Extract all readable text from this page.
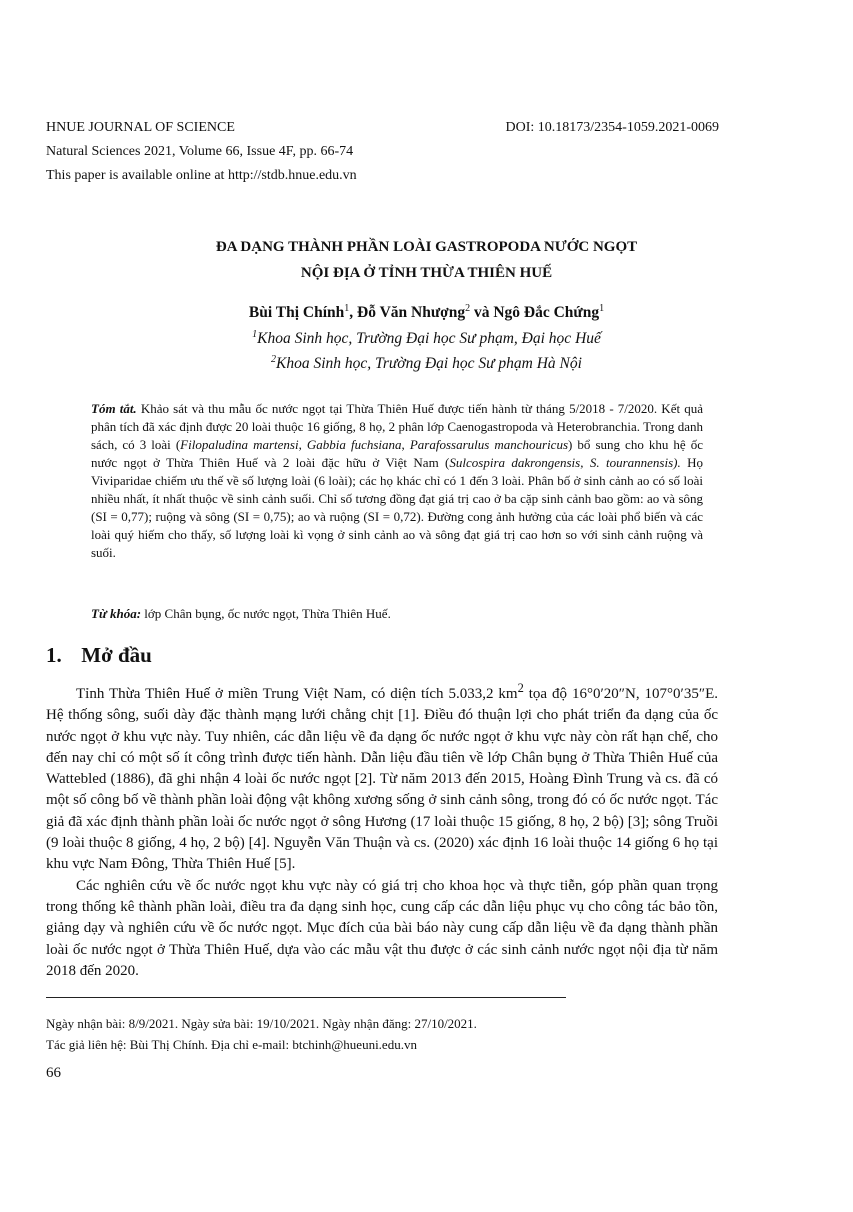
HNUE JOURNAL OF SCIENCE
Natural Sciences 2021, Volume 66, Issue 4F, pp. 66-74
This paper is available online at http://stdb.hnue.edu.vn
DOI: 10.18173/2354-1059.2021-0069
ĐA DẠNG THÀNH PHẦN LOÀI GASTROPODA NƯỚC NGỌT
NỘI ĐỊA Ở TỈNH THỪA THIÊN HUẾ
Bùi Thị Chính$^1$, Đỗ Văn Nhượng$^2$ và Ngô Đắc Chứng$^1$
$^1$Khoa Sinh học, Trường Đại học Sư phạm, Đại học Huế
$^2$Khoa Sinh học, Trường Đại học Sư phạm Hà Nội

Tóm tắt. Khảo sát và thu mẫu ốc nước ngọt tại Thừa Thiên Huế được tiến hành từ tháng 5/2018 - 7/2020. Kết quả phân tích đã xác định được 20 loài thuộc 16 giống, 8 họ, 2 phân lớp Caenogastropoda và Heterobranchia. Trong danh sách, có 3 loài (Filopaludina martensi, Gabbia fuchsiana, Parafossarulus manchouricus) bổ sung cho khu hệ ốc nước ngọt ở Thừa Thiên Huế và 2 loài đặc hữu ở Việt Nam (Sulcospira dakrongensis, S. tourannensis). Họ Viviparidae chiếm ưu thế về số lượng loài (6 loài); các họ khác chỉ có 1 đến 3 loài. Phân bố ở sinh cảnh ao có số loài nhiều nhất, ít nhất thuộc về sinh cảnh suối. Chỉ số tương đồng đạt giá trị cao ở ba cặp sinh cảnh bao gồm: ao và sông (SI = 0,77); ruộng và sông (SI = 0,75); ao và ruộng (SI = 0,72). Đường cong ảnh hưởng của các loài phổ biến và các loài quý hiếm cho thấy, số lượng loài kì vọng ở sinh cảnh ao và sông đạt giá trị cao hơn so với sinh cảnh ruộng và suối.

Từ khóa: lớp Chân bụng, ốc nước ngọt, Thừa Thiên Huế.
1. Mở đầu

Tỉnh Thừa Thiên Huế ở miền Trung Việt Nam, có diện tích 5.033,2 $km^2$ tọa độ 16°0′20″N, 107°0′35″E. Hệ thống sông, suối dày đặc thành mạng lưới chằng chịt [1]. Điều đó thuận lợi cho phát triển đa dạng của ốc nước ngọt ở khu vực này. Tuy nhiên, các dẫn liệu về đa dạng ốc nước ngọt ở khu vực này còn rất hạn chế, cho đến nay chỉ có một số ít công trình được tiến hành. Dẫn liệu đầu tiên về lớp Chân bụng ở Thừa Thiên Huế của Wattebled (1886), đã ghi nhận 4 loài ốc nước ngọt [2]. Từ năm 2013 đến 2015, Hoàng Đình Trung và cs. đã có một số công bố về thành phần loài động vật không xương sống ở sinh cảnh sông, trong đó có ốc nước ngọt. Tác giả đã xác định thành phần loài ốc nước ngọt ở sông Hương (17 loài thuộc 15 giống, 8 họ, 2 bộ) [3]; sông Truồi (9 loài thuộc 8 giống, 4 họ, 2 bộ) [4]. Nguyễn Văn Thuận và cs. (2020) xác định 16 loài thuộc 14 giống 6 họ tại khu vực Nam Đông, Thừa Thiên Huế [5].

Các nghiên cứu về ốc nước ngọt khu vực này có giá trị cho khoa học và thực tiễn, góp phần quan trọng trong thống kê thành phần loài, điều tra đa dạng sinh học, cung cấp các dẫn liệu phục vụ cho công tác bảo tồn, giảng dạy và nghiên cứu về ốc nước ngọt. Mục đích của bài báo này cung cấp dẫn liệu về đa dạng thành phần loài ốc nước ngọt ở Thừa Thiên Huế, dựa vào các mẫu vật thu được ở các sinh cảnh nước ngọt nội địa từ năm 2018 đến 2020.

Ngày nhận bài: 8/9/2021. Ngày sửa bài: 19/10/2021. Ngày nhận đăng: 27/10/2021.
Tác giả liên hệ: Bùi Thị Chính. Địa chỉ e-mail: btchinh@hueuni.edu.vn
66
